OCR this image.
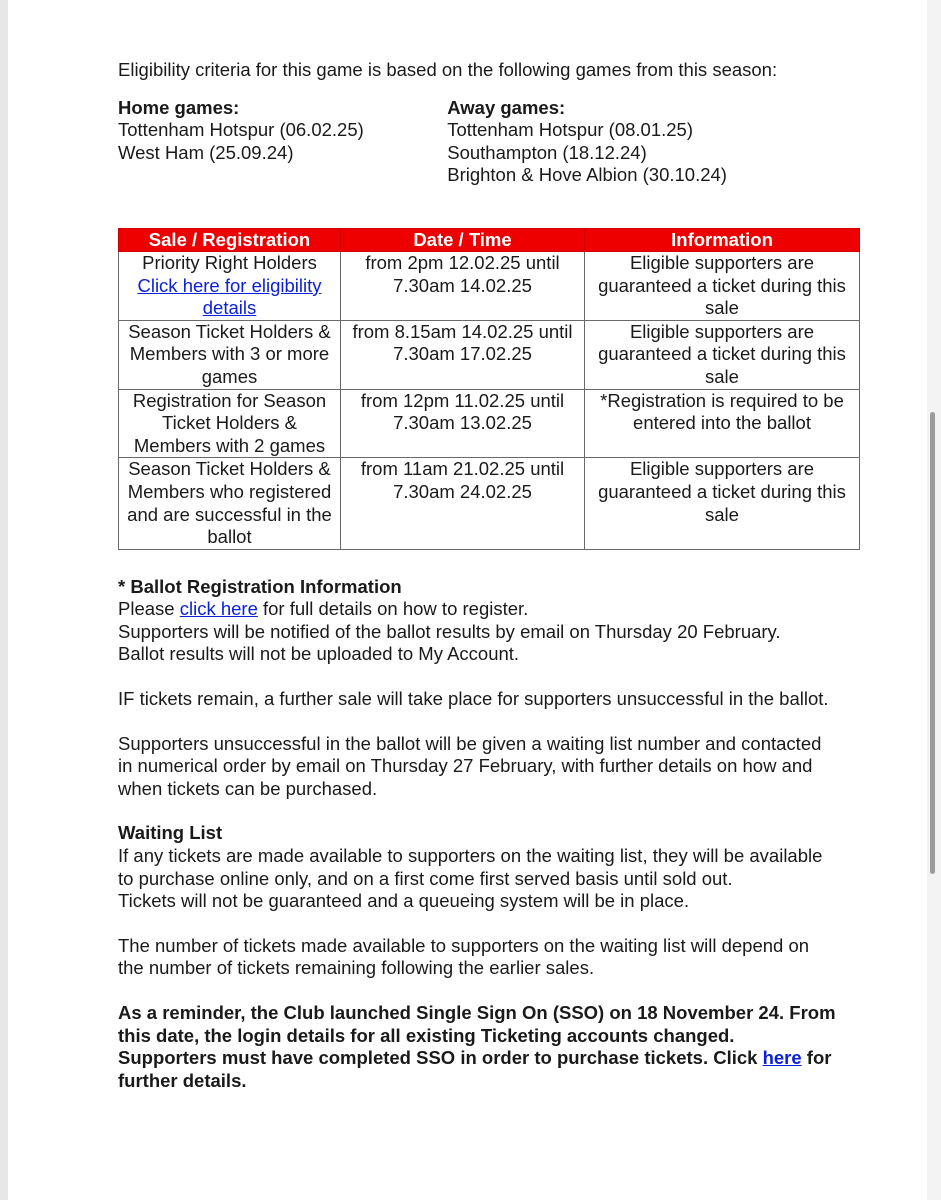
Eligibility criteria for this game is based on the following games from this season:

Home games:
Tottenham Hotspur (06.02.25)
West Ham (25.09.24)
Away games:
Tottenham Hotspur (08.01.25)
Southampton (18.12.24)
Brighton & Hove Albion (30.10.24)
Sale / Registration	Date / Time	Information

Priority Right Holders
Click here for eligibility details	from 2pm 12.02.25 until 7.30am 14.02.25	Eligible supporters are guaranteed a ticket during this sale
Season Ticket Holders & Members with 3 or more games	from 8.15am 14.02.25 until 7.30am 17.02.25	Eligible supporters are guaranteed a ticket during this sale
Registration for Season Ticket Holders & Members with 2 games	from 12pm 11.02.25 until 7.30am 13.02.25	*Registration is required to be entered into the ballot
Season Ticket Holders & Members who registered and are successful in the ballot	from 11am 21.02.25 until 7.30am 24.02.25	Eligible supporters are guaranteed a ticket during this sale

* Ballot Registration Information

Please click here for full details on how to register.

Supporters will be notified of the ballot results by email on Thursday 20 February.

Ballot results will not be uploaded to My Account.

IF tickets remain, a further sale will take place for supporters unsuccessful in the ballot.

Supporters unsuccessful in the ballot will be given a waiting list number and contacted in numerical order by email on Thursday 27 February, with further details on how and when tickets can be purchased.

Waiting List

If any tickets are made available to supporters on the waiting list, they will be available to purchase online only, and on a first come first served basis until sold out.

Tickets will not be guaranteed and a queueing system will be in place.

The number of tickets made available to supporters on the waiting list will depend on the number of tickets remaining following the earlier sales.

As a reminder, the Club launched Single Sign On (SSO) on 18 November 24. From this date, the login details for all existing Ticketing accounts changed. Supporters must have completed SSO in order to purchase tickets. Click here for further details.
